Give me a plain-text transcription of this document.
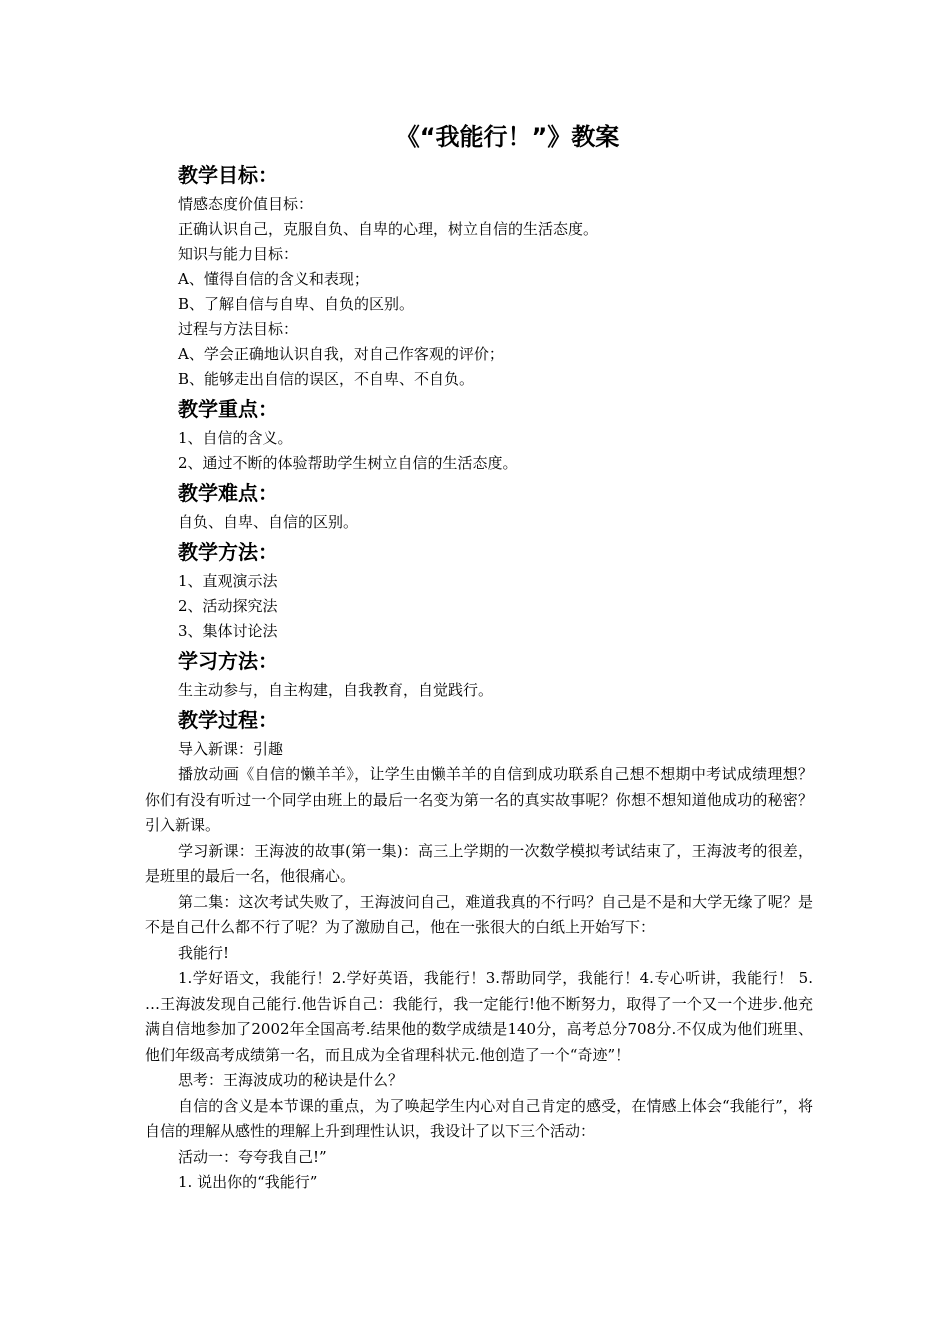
《“我能行！”》教案
教学目标：
情感态度价值目标：
正确认识自己，克服自负、自卑的心理，树立自信的生活态度。
知识与能力目标：
A、懂得自信的含义和表现；
B、了解自信与自卑、自负的区别。
过程与方法目标：
A、学会正确地认识自我，对自己作客观的评价；
B、能够走出自信的误区，不自卑、不自负。
教学重点：
1、自信的含义。
2、通过不断的体验帮助学生树立自信的生活态度。
教学难点：
自负、自卑、自信的区别。
教学方法：
1、直观演示法
2、活动探究法
3、集体讨论法
学习方法：
生主动参与，自主构建，自我教育，自觉践行。
教学过程：
导入新课：引趣
播放动画《自信的懒羊羊》，让学生由懒羊羊的自信到成功联系自己想不想期中考试成绩理想？你们有没有听过一个同学由班上的最后一名变为第一名的真实故事呢？你想不想知道他成功的秘密？引入新课。
学习新课：王海波的故事(第一集)：高三上学期的一次数学模拟考试结束了，王海波考的很差，是班里的最后一名，他很痛心。
第二集：这次考试失败了，王海波问自己，难道我真的不行吗？自己是不是和大学无缘了呢？是不是自己什么都不行了呢？为了激励自己，他在一张很大的白纸上开始写下：
我能行!
1.学好语文，我能行！2.学好英语，我能行！3.帮助同学，我能行！4.专心听讲，我能行！ 5. …王海波发现自己能行.他告诉自己：我能行，我一定能行!他不断努力，取得了一个又一个进步.他充满自信地参加了2002年全国高考.结果他的数学成绩是140分，高考总分708分.不仅成为他们班里、他们年级高考成绩第一名，而且成为全省理科状元.他创造了一个“奇迹”！
思考：王海波成功的秘诀是什么？
自信的含义是本节课的重点，为了唤起学生内心对自己肯定的感受，在情感上体会“我能行”，将自信的理解从感性的理解上升到理性认识，我设计了以下三个活动：
活动一：夸夸我自己!”
1. 说出你的“我能行”
